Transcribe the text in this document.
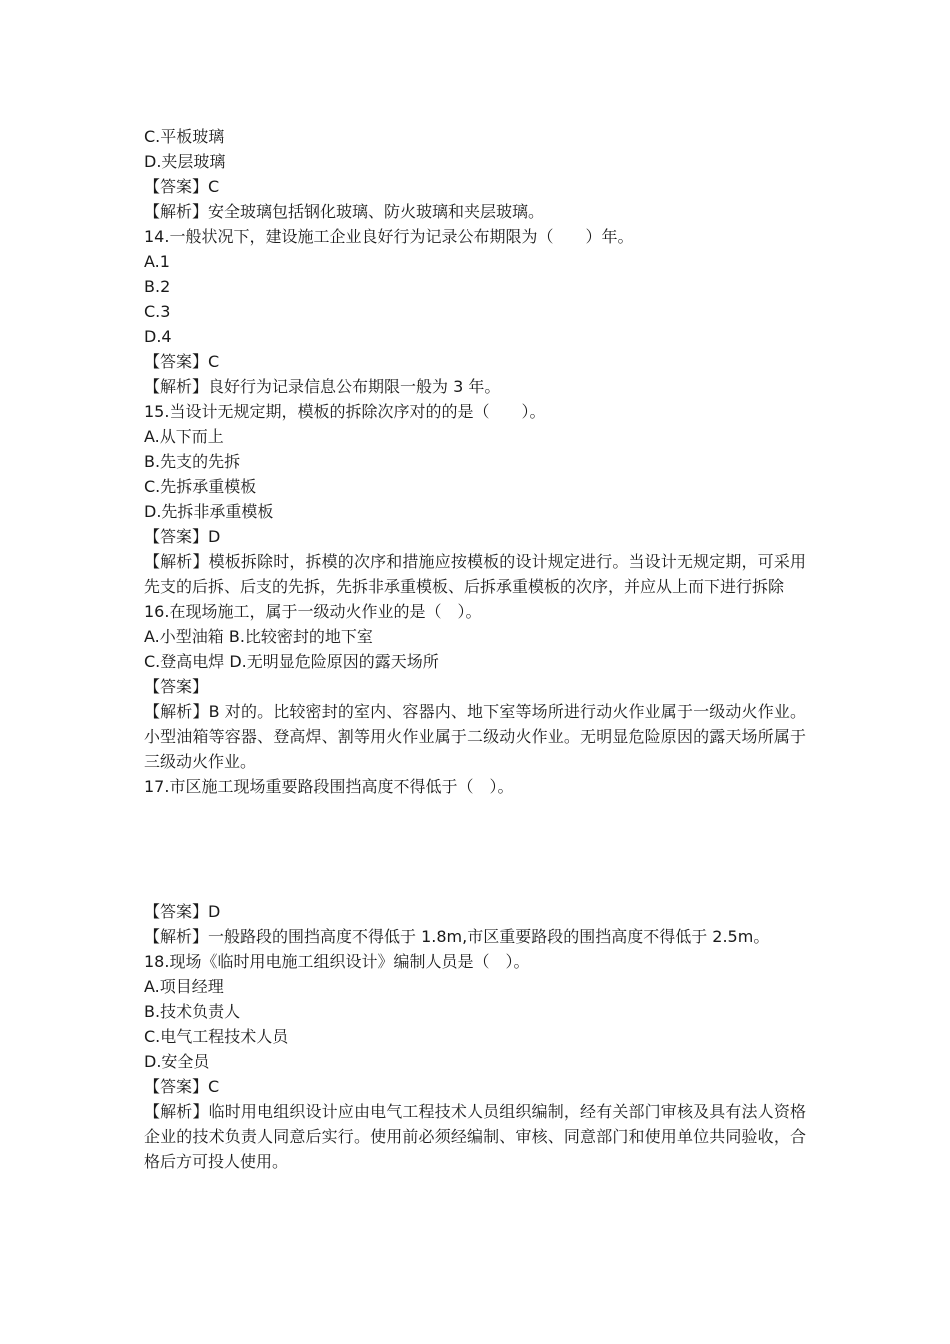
C.平板玻璃
D.夹层玻璃
【答案】C
【解析】安全玻璃包括钢化玻璃、防火玻璃和夹层玻璃。
14.一般状况下，建设施工企业良好行为记录公布期限为（　　）年。
A.1
B.2
C.3
D.4
【答案】C
【解析】良好行为记录信息公布期限一般为 3 年。
15.当设计无规定期，模板的拆除次序对的的是（　　）。
A.从下而上
B.先支的先拆
C.先拆承重模板
D.先拆非承重模板
【答案】D
【解析】模板拆除时，拆模的次序和措施应按模板的设计规定进行。当设计无规定期，可采用先支的后拆、后支的先拆，先拆非承重模板、后拆承重模板的次序，并应从上而下进行拆除
16.在现场施工，属于一级动火作业的是（　）。
A.小型油箱 B.比较密封的地下室
C.登高电焊 D.无明显危险原因的露天场所
【答案】
【解析】B 对的。比较密封的室内、容器内、地下室等场所进行动火作业属于一级动火作业。小型油箱等容器、登高焊、割等用火作业属于二级动火作业。无明显危险原因的露天场所属于三级动火作业。
17.市区施工现场重要路段围挡高度不得低于（　）。
【答案】D
【解析】一般路段的围挡高度不得低于 1.8m,市区重要路段的围挡高度不得低于 2.5m。
18.现场《临时用电施工组织设计》编制人员是（　）。
A.项目经理
B.技术负责人
C.电气工程技术人员
D.安全员
【答案】C
【解析】临时用电组织设计应由电气工程技术人员组织编制，经有关部门审核及具有法人资格企业的技术负责人同意后实行。使用前必须经编制、审核、同意部门和使用单位共同验收，合格后方可投人使用。
